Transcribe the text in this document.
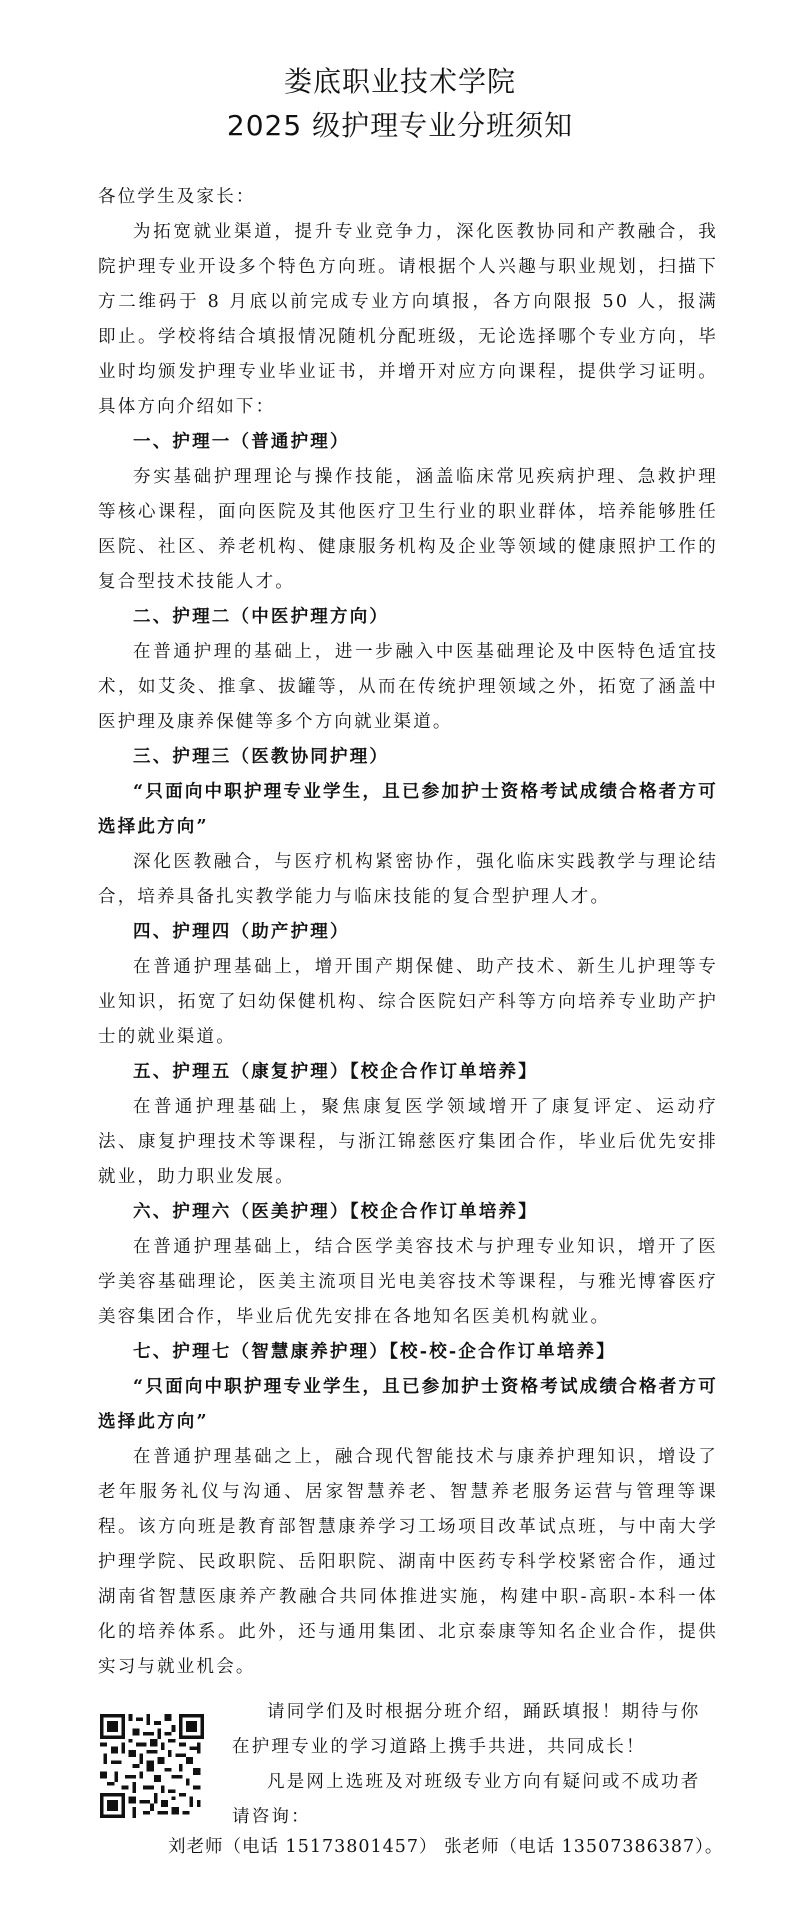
娄底职业技术学院
2025 级护理专业分班须知

各位学生及家长：

为拓宽就业渠道，提升专业竞争力，深化医教协同和产教融合，我院护理专业开设多个特色方向班。请根据个人兴趣与职业规划，扫描下方二维码于 8 月底以前完成专业方向填报，各方向限报 50 人，报满即止。学校将结合填报情况随机分配班级，无论选择哪个专业方向，毕业时均颁发护理专业毕业证书，并增开对应方向课程，提供学习证明。具体方向介绍如下：

一、护理一（普通护理）

夯实基础护理理论与操作技能，涵盖临床常见疾病护理、急救护理等核心课程，面向医院及其他医疗卫生行业的职业群体，培养能够胜任医院、社区、养老机构、健康服务机构及企业等领域的健康照护工作的复合型技术技能人才。

二、护理二（中医护理方向）

在普通护理的基础上，进一步融入中医基础理论及中医特色适宜技术，如艾灸、推拿、拔罐等，从而在传统护理领域之外，拓宽了涵盖中医护理及康养保健等多个方向就业渠道。

三、护理三（医教协同护理）

“只面向中职护理专业学生，且已参加护士资格考试成绩合格者方可选择此方向”

深化医教融合，与医疗机构紧密协作，强化临床实践教学与理论结合，培养具备扎实教学能力与临床技能的复合型护理人才。

四、护理四（助产护理）

在普通护理基础上，增开围产期保健、助产技术、新生儿护理等专业知识，拓宽了妇幼保健机构、综合医院妇产科等方向培养专业助产护士的就业渠道。

五、护理五（康复护理）【校企合作订单培养】

在普通护理基础上，聚焦康复医学领域增开了康复评定、运动疗法、康复护理技术等课程，与浙江锦慈医疗集团合作，毕业后优先安排就业，助力职业发展。

六、护理六（医美护理）【校企合作订单培养】

在普通护理基础上，结合医学美容技术与护理专业知识，增开了医学美容基础理论，医美主流项目光电美容技术等课程，与雅光博睿医疗美容集团合作，毕业后优先安排在各地知名医美机构就业。

七、护理七（智慧康养护理）【校-校-企合作订单培养】

“只面向中职护理专业学生，且已参加护士资格考试成绩合格者方可选择此方向”

在普通护理基础之上，融合现代智能技术与康养护理知识，增设了老年服务礼仪与沟通、居家智慧养老、智慧养老服务运营与管理等课程。该方向班是教育部智慧康养学习工场项目改革试点班，与中南大学护理学院、民政职院、岳阳职院、湖南中医药专科学校紧密合作，通过湖南省智慧医康养产教融合共同体推进实施，构建中职-高职-本科一体化的培养体系。此外，还与通用集团、北京泰康等知名企业合作，提供实习与就业机会。

请同学们及时根据分班介绍，踊跃填报！期待与你在护理专业的学习道路上携手共进，共同成长！

凡是网上选班及对班级专业方向有疑问或不成功者请咨询：

刘老师（电话 15173801457） 张老师（电话 13507386387）。
